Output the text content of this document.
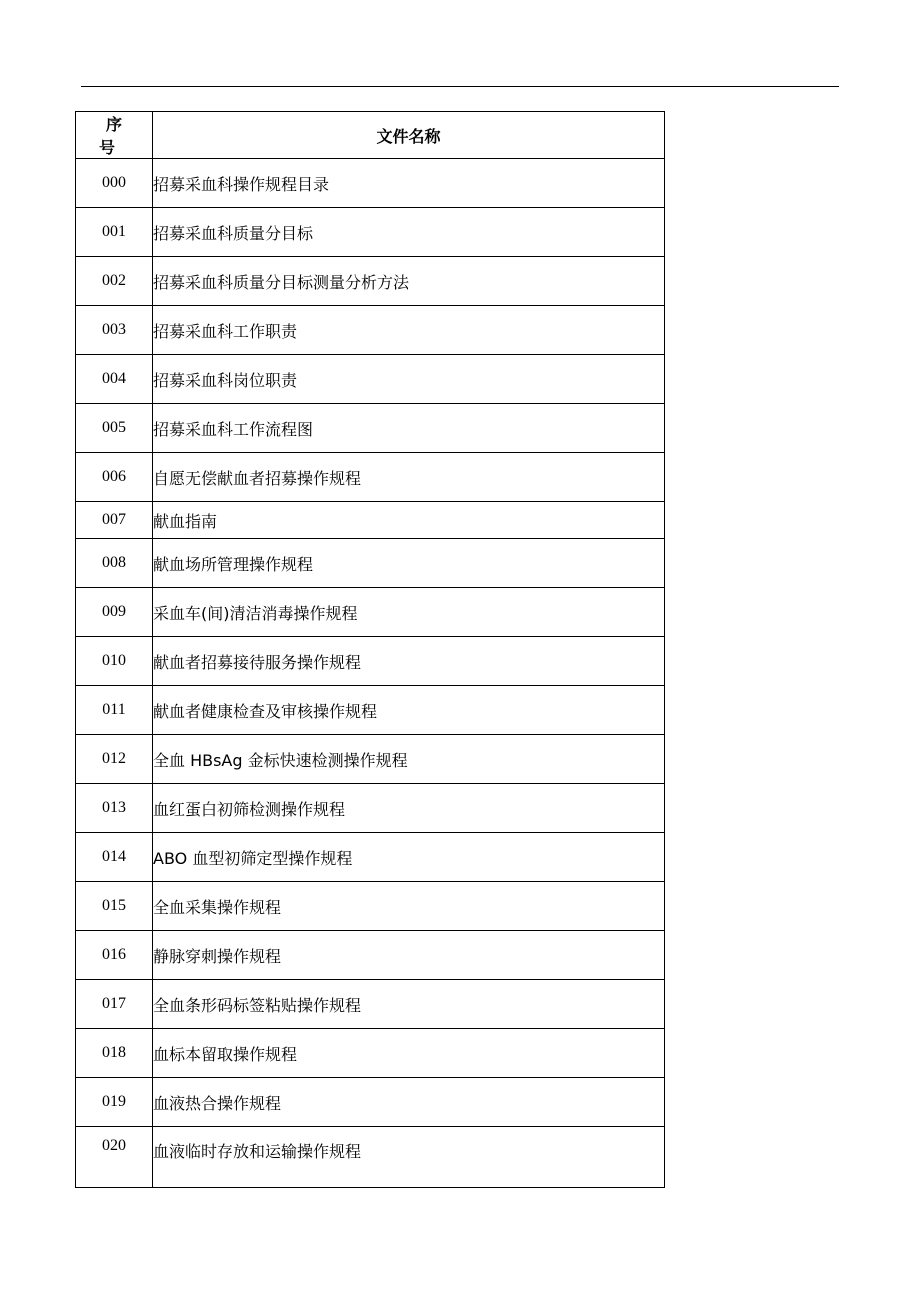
序 号	文件名称
000	招募采血科操作规程目录
001	招募采血科质量分目标
002	招募采血科质量分目标测量分析方法
003	招募采血科工作职责
004	招募采血科岗位职责
005	招募采血科工作流程图
006	自愿无偿献血者招募操作规程
007	献血指南
008	献血场所管理操作规程
009	采血车(间)清洁消毒操作规程
010	献血者招募接待服务操作规程
011	献血者健康检查及审核操作规程
012	全血 HBsAg 金标快速检测操作规程
013	血红蛋白初筛检测操作规程
014	ABO 血型初筛定型操作规程
015	全血采集操作规程
016	静脉穿刺操作规程
017	全血条形码标签粘贴操作规程
018	血标本留取操作规程
019	血液热合操作规程
020	血液临时存放和运输操作规程
